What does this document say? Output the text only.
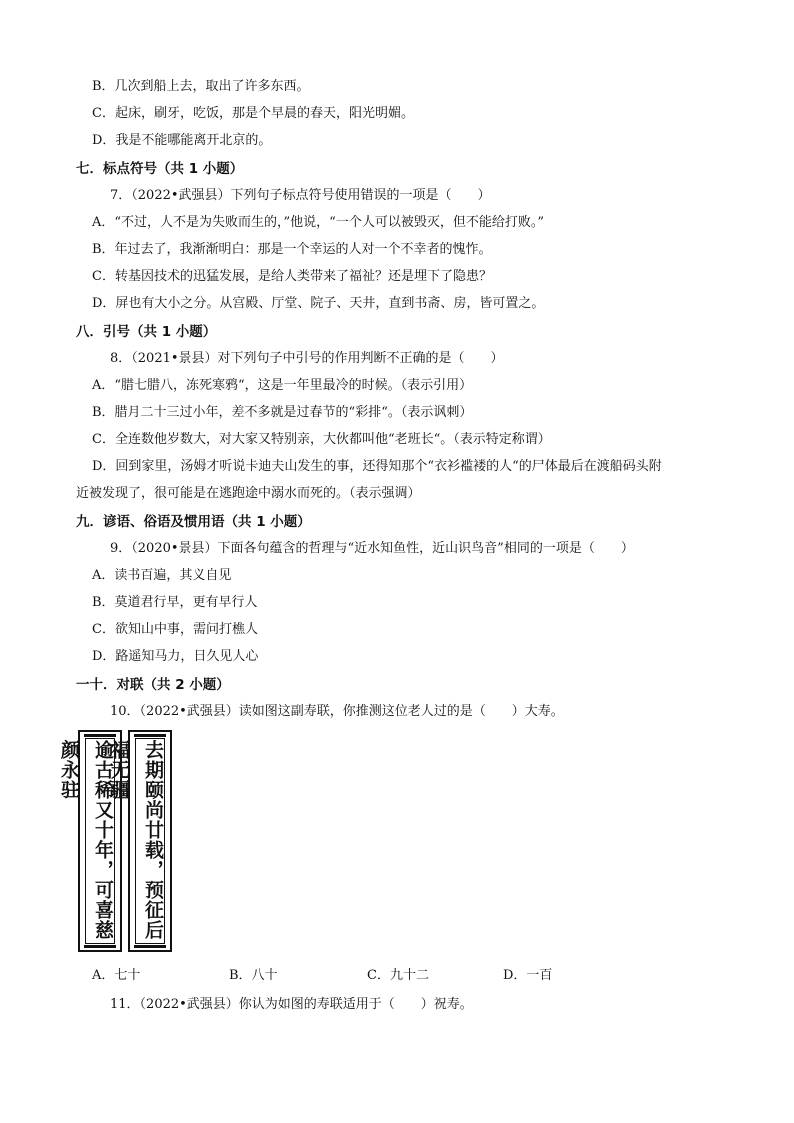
B．几次到船上去，取出了许多东西。
C．起床，刷牙，吃饭，那是个早晨的春天，阳光明媚。
D．我是不能哪能离开北京的。
七．标点符号（共 1 小题）
7．（2022•武强县）下列句子标点符号使用错误的一项是（　　）
A．“不过，人不是为失败而生的，”他说，“一个人可以被毁灭，但不能给打败。”
B．年过去了，我渐渐明白：那是一个幸运的人对一个不幸者的愧怍。
C．转基因技术的迅猛发展，是给人类带来了福祉？还是埋下了隐患？
D．屏也有大小之分。从宫殿、厅堂、院子、天井，直到书斋、房，皆可置之。
八．引号（共 1 小题）
8．（2021•景县）对下列句子中引号的作用判断不正确的是（　　）
A．“腊七腊八，冻死寒鸦“，这是一年里最冷的时候。（表示引用）
B．腊月二十三过小年，差不多就是过春节的“彩排“。（表示讽刺）
C．全连数他岁数大，对大家又特别亲，大伙都叫他“老班长“。（表示特定称谓）
D．回到家里，汤姆才听说卡迪夫山发生的事，还得知那个“衣衫褴褛的人“的尸体最后在渡船码头附
近被发现了，很可能是在逃跑途中溺水而死的。（表示强调）
九．谚语、俗语及惯用语（共 1 小题）
9．（2020•景县）下面各句蕴含的哲理与“近水知鱼性，近山识鸟音”相同的一项是（　　）
A．读书百遍，其义自见
B．莫道君行早，更有早行人
C．欲知山中事，需问打樵人
D．路遥知马力，日久见人心
一十．对联（共 2 小题）
10．（2022•武强县）读如图这副寿联，你推测这位老人过的是（　　）大寿。
逾古稀又十年，可喜慈颜永驻	去期颐尚廿载，预征后福无疆
A．七十	B．八十	C．九十二	D．一百
11．（2022•武强县）你认为如图的寿联适用于（　　）祝寿。
